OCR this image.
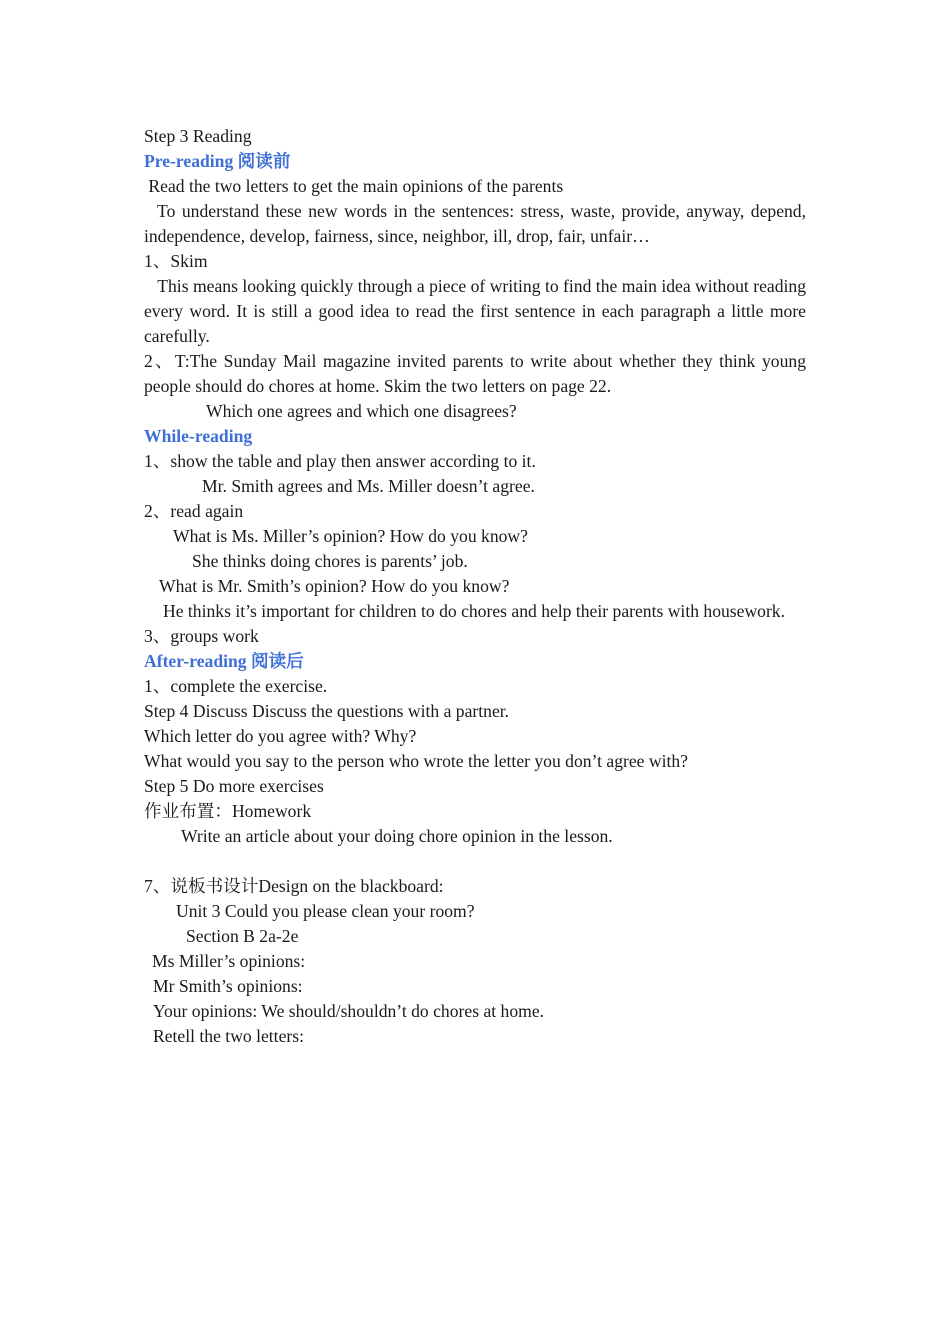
Step 3 Reading

Pre-reading 阅读前

Read the two letters to get the main opinions of the parents

To understand these new words in the sentences: stress, waste, provide, anyway, depend, independence, develop, fairness, since, neighbor, ill, drop, fair, unfair…

1、Skim

This means looking quickly through a piece of writing to find the main idea without reading every word. It is still a good idea to read the first sentence in each paragraph a little more carefully.

2、T:The Sunday Mail magazine invited parents to write about whether they think young people should do chores at home. Skim the two letters on page 22.

Which one agrees and which one disagrees?

While-reading

1、show the table and play then answer according to it.

Mr. Smith agrees and Ms. Miller doesn’t agree.

2、read again

What is Ms. Miller’s opinion? How do you know?

She thinks doing chores is parents’ job.

What is Mr. Smith’s opinion? How do you know?

He thinks it’s important for children to do chores and help their parents with housework.

3、groups work

After-reading 阅读后

1、complete the exercise.

Step 4 Discuss Discuss the questions with a partner.

Which letter do you agree with? Why?

What would you say to the person who wrote the letter you don’t agree with?

Step 5 Do more exercises

作业布置：Homework

Write an article about your doing chore opinion in the lesson.

7、说板书设计Design on the blackboard:

Unit 3 Could you please clean your room?

Section B 2a-2e

Ms Miller’s opinions:

Mr Smith’s opinions:

Your opinions: We should/shouldn’t do chores at home.

Retell the two letters:
